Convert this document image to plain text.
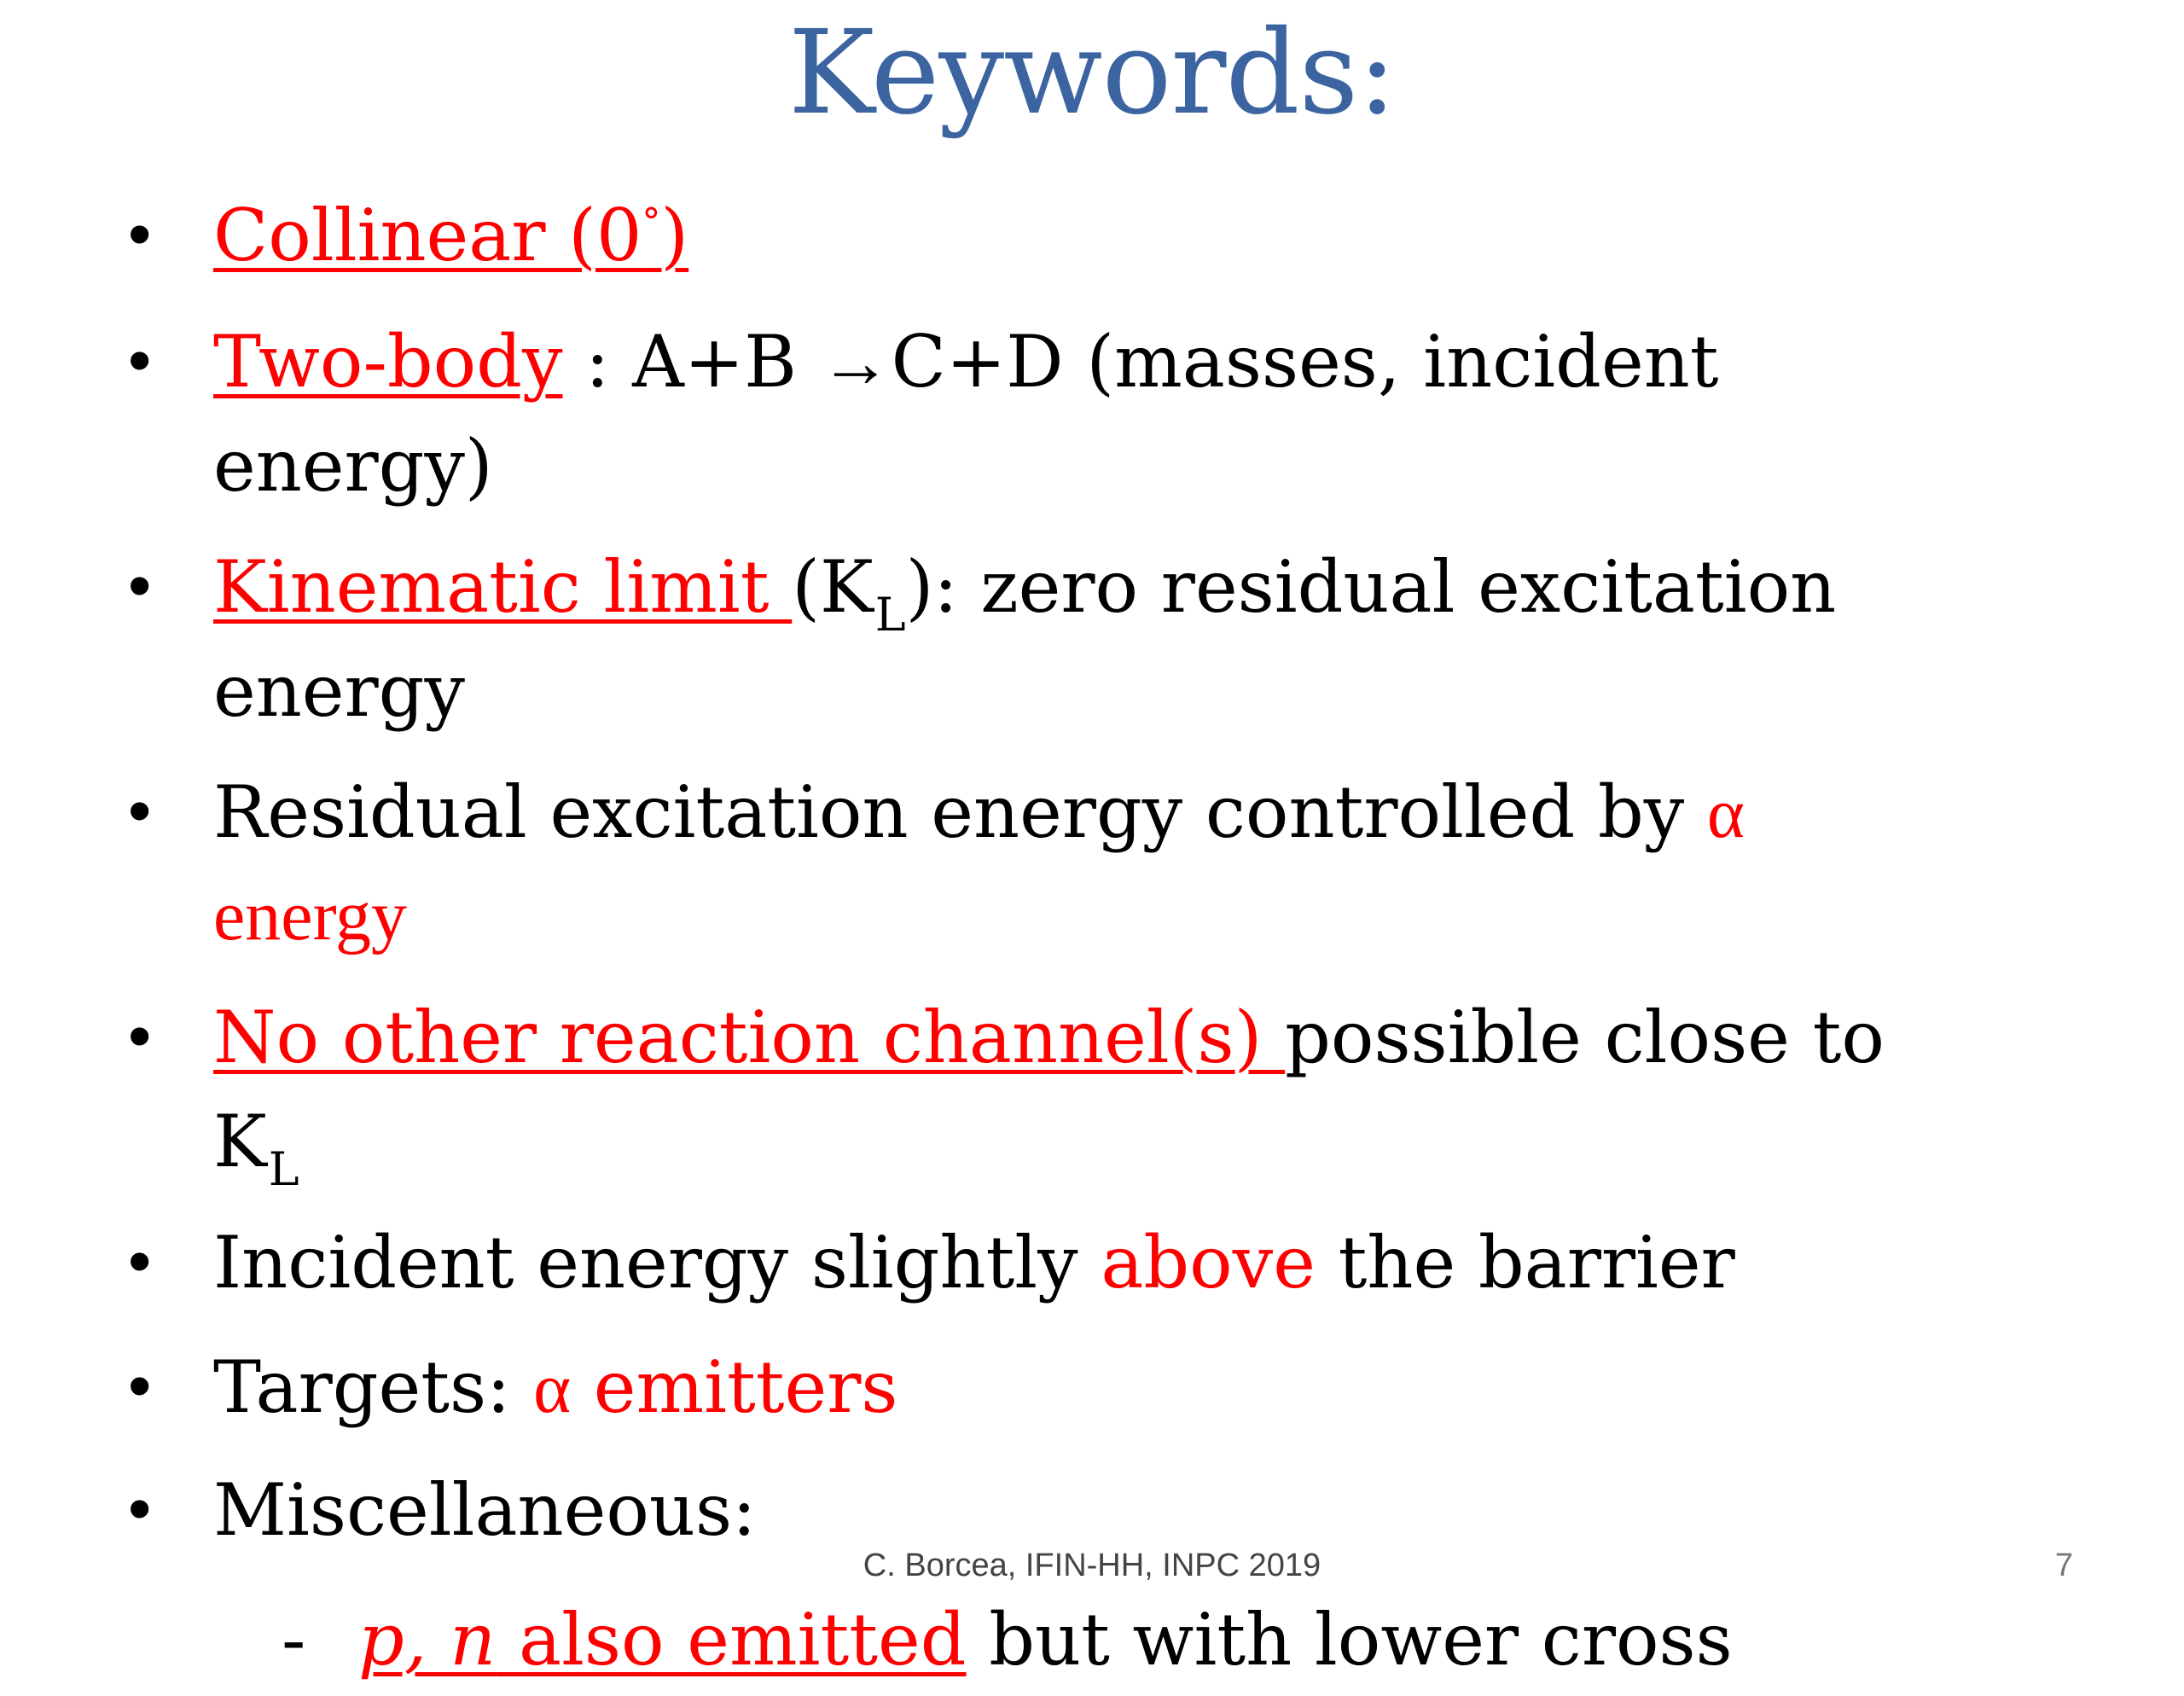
Keywords:
• Collinear (0°)
• Two-body : A+B →C+D (masses, incident
energy)
• Kinematic limit $(K_L)$: zero residual excitation
energy
• Residual excitation energy controlled by α
energy
• No other reaction channel(s) possible close to
$K_L$
• Incident energy slightly above the barrier
• Targets: α emitters
• Miscellaneous:
- p, n also emitted but with lower cross
C. Borcea, IFIN-HH, INPC 2019	7
